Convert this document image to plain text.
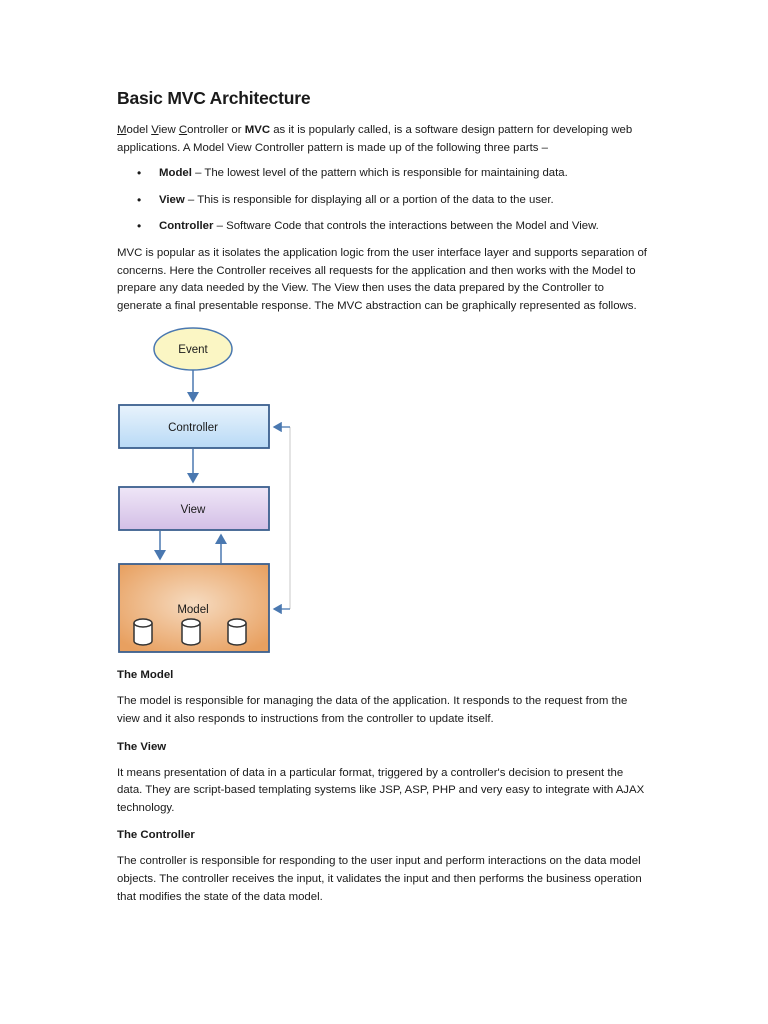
Basic MVC Architecture

Model View Controller or MVC as it is popularly called, is a software design pattern for developing web applications. A Model View Controller pattern is made up of the following three parts –

• Model – The lowest level of the pattern which is responsible for maintaining data.
• View – This is responsible for displaying all or a portion of the data to the user.
• Controller – Software Code that controls the interactions between the Model and View.

MVC is popular as it isolates the application logic from the user interface layer and supports separation of concerns. Here the Controller receives all requests for the application and then works with the Model to prepare any data needed by the View. The View then uses the data prepared by the Controller to generate a final presentable response. The MVC abstraction can be graphically represented as follows.

Event
Controller
View
Model
The Model

The model is responsible for managing the data of the application. It responds to the request from the view and it also responds to instructions from the controller to update itself.

The View

It means presentation of data in a particular format, triggered by a controller's decision to present the data. They are script-based templating systems like JSP, ASP, PHP and very easy to integrate with AJAX technology.

The Controller

The controller is responsible for responding to the user input and perform interactions on the data model objects. The controller receives the input, it validates the input and then performs the business operation that modifies the state of the data model.
